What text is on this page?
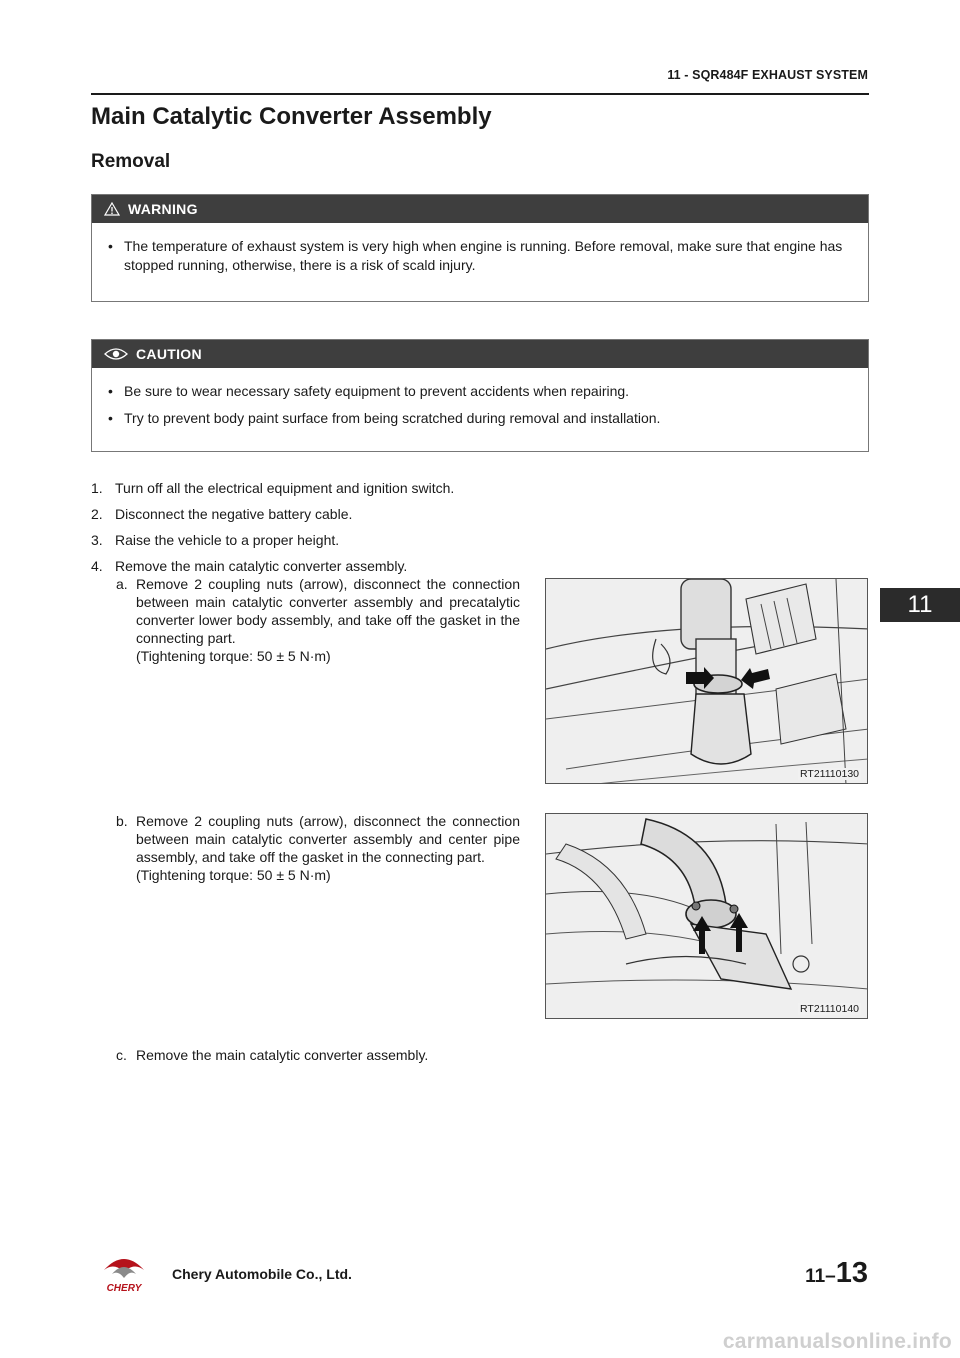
11 - SQR484F EXHAUST SYSTEM
Main Catalytic Converter Assembly
Removal
WARNING
• The temperature of exhaust system is very high when engine is running. Before removal, make sure that engine has stopped running, otherwise, there is a risk of scald injury.
CAUTION
• Be sure to wear necessary safety equipment to prevent accidents when repairing.
• Try to prevent body paint surface from being scratched during removal and installation.
1. Turn off all the electrical equipment and ignition switch.
2. Disconnect the negative battery cable.
3. Raise the vehicle to a proper height.
4. Remove the main catalytic converter assembly.
a. Remove 2 coupling nuts (arrow), disconnect the connection between main catalytic converter assembly and precatalytic converter lower body assembly, and take off the gasket in the connecting part.
(Tightening torque: 50 ± 5 N·m)
b. Remove 2 coupling nuts (arrow), disconnect the connection between main catalytic converter assembly and center pipe assembly, and take off the gasket in the connecting part.
(Tightening torque: 50 ± 5 N·m)
c. Remove the main catalytic converter assembly.
RT21110130
RT21110140
11
CHERY
Chery Automobile Co., Ltd.	11–13
carmanualsonline.info
